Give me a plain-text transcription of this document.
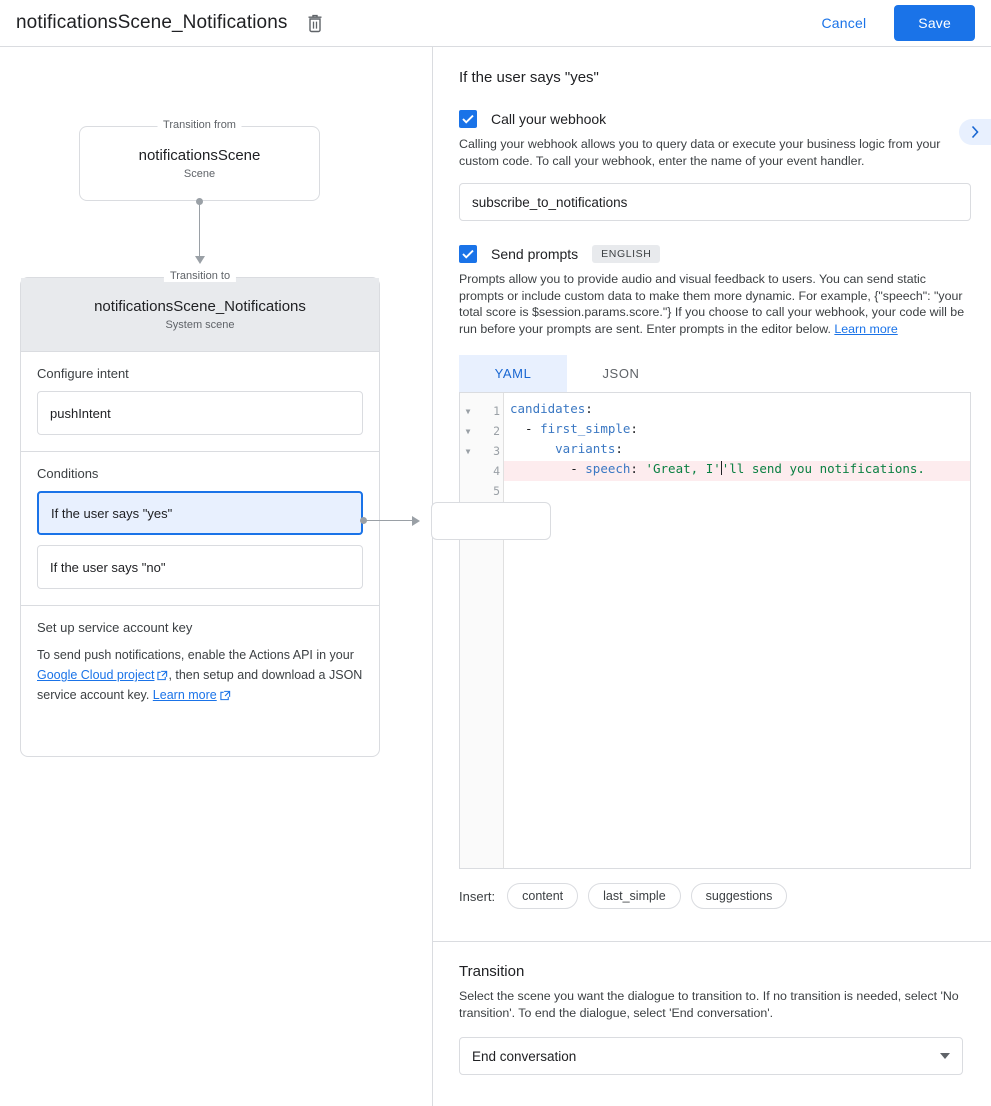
notificationsScene_Notifications	Cancel	Save
Transition from
notificationsScene
Scene
Transition to
notificationsScene_Notifications
System scene
Configure intent
pushIntent
Conditions
If the user says "yes"
If the user says "no"
Set up service account key
To send push notifications, enable the Actions API in your Google Cloud project , then setup and download a JSON service account key. Learn more
If the user says "yes"
Call your webhook
Calling your webhook allows you to query data or execute your business logic from your custom code. To call your webhook, enter the name of your event handler.
subscribe_to_notifications
Send prompts	ENGLISH
Prompts allow you to provide audio and visual feedback to users. You can send static prompts or include custom data to make them more dynamic. For example, {"speech": "your total score is $session.params.score."} If you choose to call your webhook, your code will be run before your prompts are sent. Enter prompts in the editor below. Learn more
YAML	JSON
▼	1
▼	2
▼	3
4
5
candidates:
- first_simple:
variants:
- speech: 'Great, I''ll send you notifications.
Insert:	content	last_simple	suggestions
Transition
Select the scene you want the dialogue to transition to. If no transition is needed, select 'No transition'. To end the dialogue, select 'End conversation'.
End conversation
